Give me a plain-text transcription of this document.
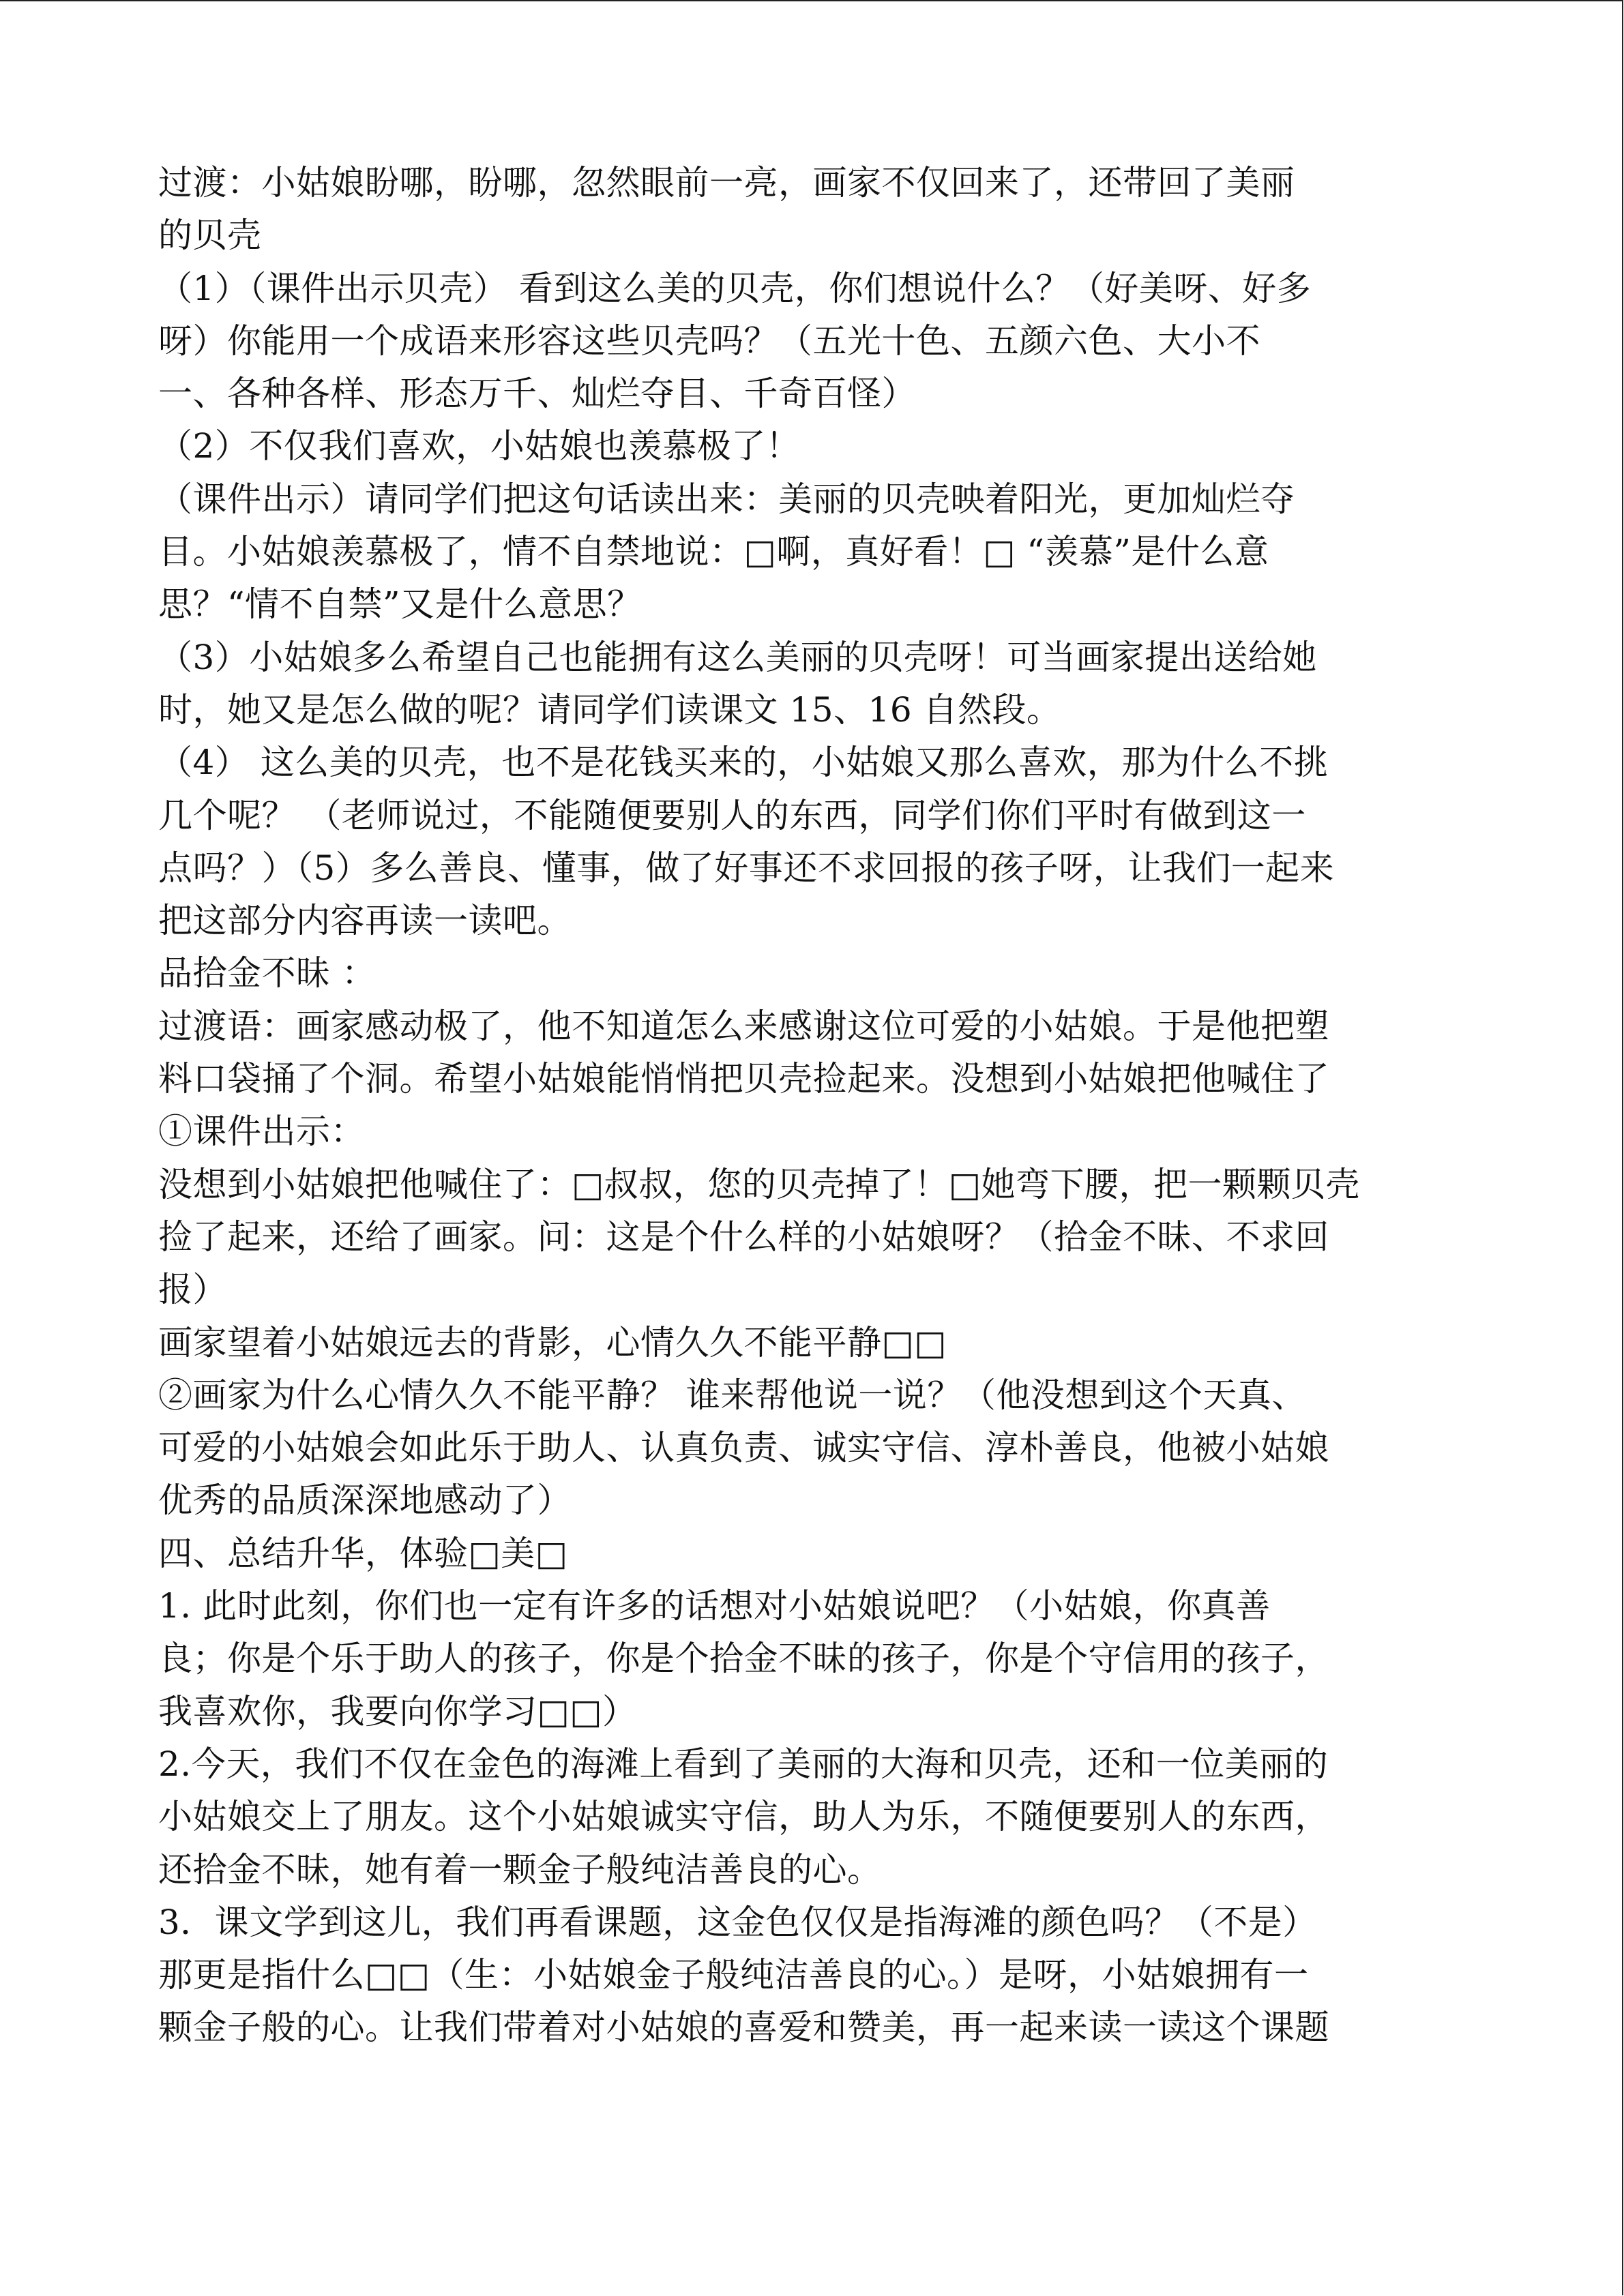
过渡：小姑娘盼哪，盼哪，忽然眼前一亮，画家不仅回来了，还带回了美丽
的贝壳
（1）（课件出示贝壳） 看到这么美的贝壳，你们想说什么？（好美呀、好多
呀）你能用一个成语来形容这些贝壳吗？（五光十色、五颜六色、大小不
一、各种各样、形态万千、灿烂夺目、千奇百怪）
（2）不仅我们喜欢，小姑娘也羡慕极了！
（课件出示）请同学们把这句话读出来：美丽的贝壳映着阳光，更加灿烂夺
目。小姑娘羡慕极了，情不自禁地说：□啊，真好看！□ “羡慕”是什么意
思？“情不自禁”又是什么意思？
（3）小姑娘多么希望自己也能拥有这么美丽的贝壳呀！可当画家提出送给她
时，她又是怎么做的呢？请同学们读课文 15、16 自然段。
（4） 这么美的贝壳，也不是花钱买来的，小姑娘又那么喜欢，那为什么不挑
几个呢？ （老师说过，不能随便要别人的东西，同学们你们平时有做到这一
点吗？）（5）多么善良、懂事，做了好事还不求回报的孩子呀，让我们一起来
把这部分内容再读一读吧。
品拾金不昧 ：
过渡语：画家感动极了，他不知道怎么来感谢这位可爱的小姑娘。于是他把塑
料口袋捅了个洞。希望小姑娘能悄悄把贝壳捡起来。没想到小姑娘把他喊住了
①课件出示：
没想到小姑娘把他喊住了：□叔叔，您的贝壳掉了！□她弯下腰，把一颗颗贝壳
捡了起来，还给了画家。问：这是个什么样的小姑娘呀？（拾金不昧、不求回
报）
画家望着小姑娘远去的背影，心情久久不能平静□□
②画家为什么心情久久不能平静？ 谁来帮他说一说？（他没想到这个天真、
可爱的小姑娘会如此乐于助人、认真负责、诚实守信、淳朴善良，他被小姑娘
优秀的品质深深地感动了）
四、总结升华，体验□美□
1. 此时此刻，你们也一定有许多的话想对小姑娘说吧？（小姑娘，你真善
良；你是个乐于助人的孩子，你是个拾金不昧的孩子，你是个守信用的孩子，
我喜欢你，我要向你学习□□）
2.今天，我们不仅在金色的海滩上看到了美丽的大海和贝壳，还和一位美丽的
小姑娘交上了朋友。这个小姑娘诚实守信，助人为乐，不随便要别人的东西，
还拾金不昧，她有着一颗金子般纯洁善良的心。
3．课文学到这儿，我们再看课题，这金色仅仅是指海滩的颜色吗？（不是）
那更是指什么□□（生：小姑娘金子般纯洁善良的心。）是呀，小姑娘拥有一
颗金子般的心。让我们带着对小姑娘的喜爱和赞美，再一起来读一读这个课题
